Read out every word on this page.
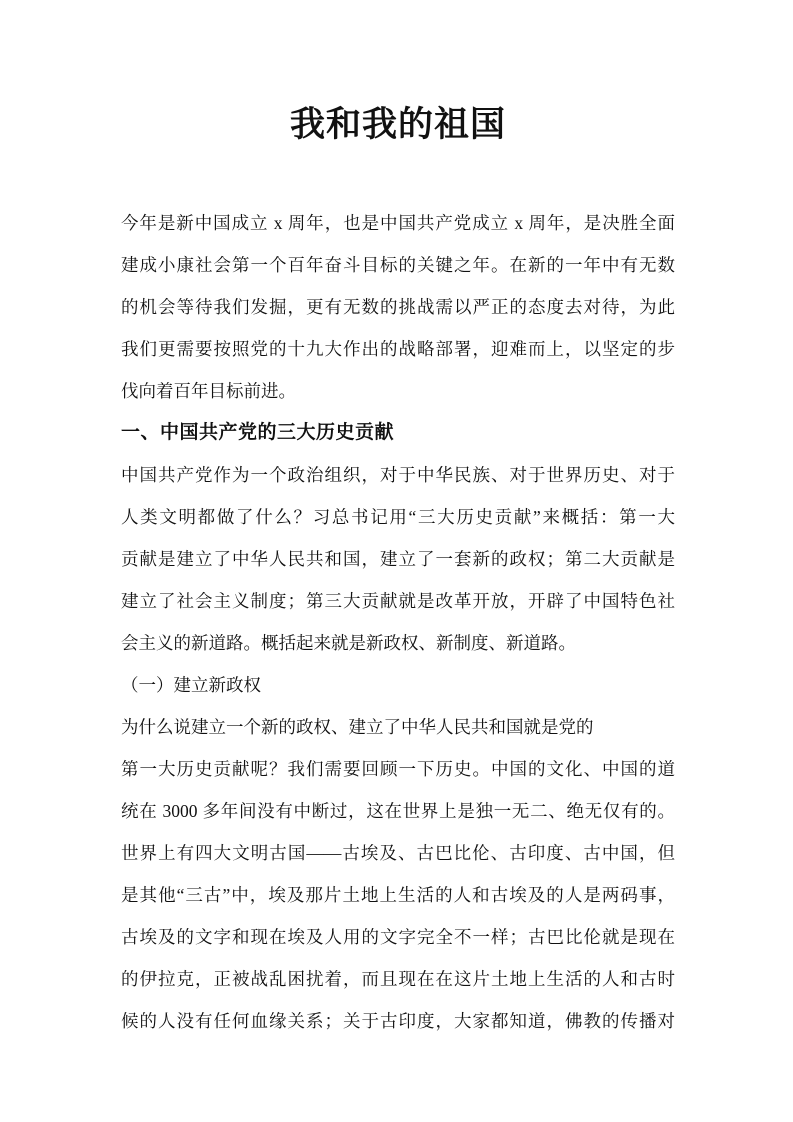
我和我的祖国
今年是新中国成立 x 周年，也是中国共产党成立 x 周年，是决胜全面
建成小康社会第一个百年奋斗目标的关键之年。在新的一年中有无数
的机会等待我们发掘，更有无数的挑战需以严正的态度去对待，为此
我们更需要按照党的十九大作出的战略部署，迎难而上，以坚定的步
伐向着百年目标前进。
一、中国共产党的三大历史贡献
中国共产党作为一个政治组织，对于中华民族、对于世界历史、对于
人类文明都做了什么？习总书记用“三大历史贡献”来概括：第一大
贡献是建立了中华人民共和国，建立了一套新的政权；第二大贡献是
建立了社会主义制度；第三大贡献就是改革开放，开辟了中国特色社
会主义的新道路。概括起来就是新政权、新制度、新道路。
（一）建立新政权
为什么说建立一个新的政权、建立了中华人民共和国就是党的
第一大历史贡献呢？我们需要回顾一下历史。中国的文化、中国的道
统在 3000 多年间没有中断过，这在世界上是独一无二、绝无仅有的。
世界上有四大文明古国——古埃及、古巴比伦、古印度、古中国，但
是其他“三古”中，埃及那片土地上生活的人和古埃及的人是两码事，
古埃及的文字和现在埃及人用的文字完全不一样；古巴比伦就是现在
的伊拉克，正被战乱困扰着，而且现在在这片土地上生活的人和古时
候的人没有任何血缘关系；关于古印度，大家都知道，佛教的传播对
